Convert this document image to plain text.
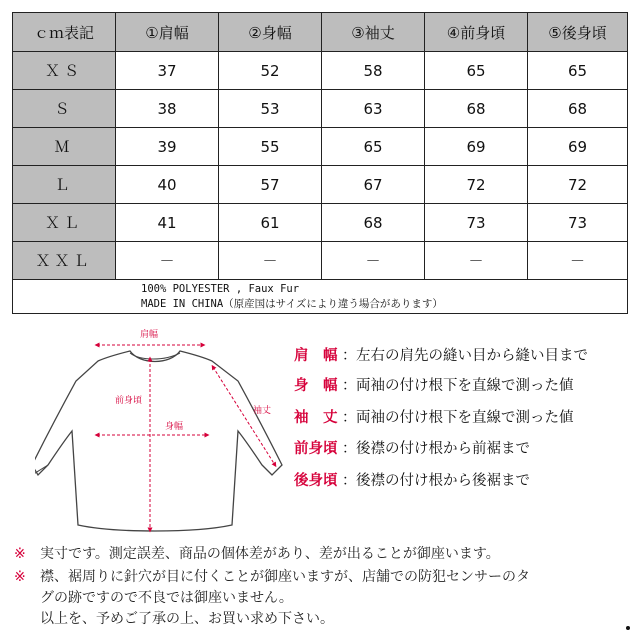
ｃｍ表記	①肩幅	②身幅	③袖丈	④前身頃	⑤後身頃
ＸＳ	37	52	58	65	65
Ｓ	38	53	63	68	68
Ｍ	39	55	65	69	69
Ｌ	40	57	67	72	72
ＸＬ	41	61	68	73	73
ＸＸＬ	－	－	－	－	－

100% POLYESTER , Faux Fur
MADE IN CHINA（原産国はサイズにより違う場合があります）					
肩幅
前身頃
身幅
袖丈
肩　幅 ：左右の肩先の縫い目から縫い目まで
身　幅 ：両袖の付け根下を直線で測った値
袖　丈 ：両袖の付け根下を直線で測った値
前身頃 ：後襟の付け根から前裾まで
後身頃 ：後襟の付け根から後裾まで
※ 実寸です。測定誤差、商品の個体差があり、差が出ることが御座います。
※ 襟、裾周りに針穴が目に付くことが御座いますが、店舗での防犯センサーのタ
グの跡ですので不良では御座いません。
以上を、予めご了承の上、お買い求め下さい。
